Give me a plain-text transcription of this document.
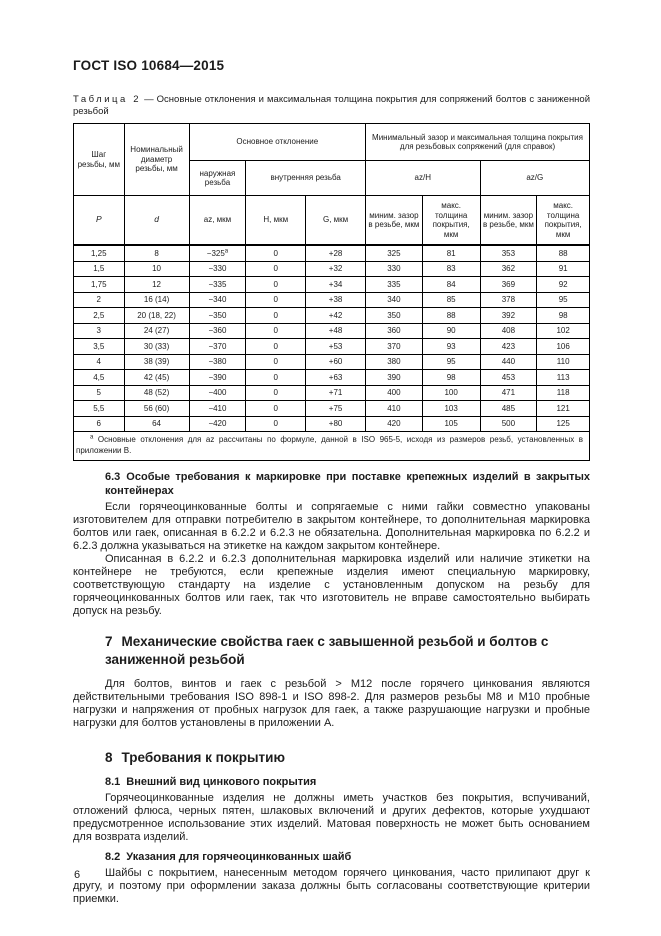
ГОСТ ISO 10684—2015
Таблица 2 — Основные отклонения и максимальная толщина покрытия для сопряжений болтов с заниженной резьбой
Шаг резьбы, мм	Номинальный диаметр резьбы, мм	Основное отклонение			Минимальный зазор и максимальная толщина покрытия для резьбовых сопряжений (для справок)			
		наружная резьба	внутренняя резьба		az/H		az/G	
P	d	az, мкм	H, мкм	G, мкм	миним. зазор в резьбе, мкм	макс. толщина покрытия, мкм	миним. зазор в резьбе, мкм	макс. толщина покрытия, мкм

$^a$ Основные отклонения для az рассчитаны по формуле, данной в ISO 965-5, исходя из размеров резьб, установленных в приложении B.								

1,25	8	$-325^a$	0	+28	325	81	353	88
1,5	10	−330	0	+32	330	83	362	91
1,75	12	−335	0	+34	335	84	369	92
2	16 (14)	−340	0	+38	340	85	378	95
2,5	20 (18, 22)	−350	0	+42	350	88	392	98
3	24 (27)	−360	0	+48	360	90	408	102
3,5	30 (33)	−370	0	+53	370	93	423	106
4	38 (39)	−380	0	+60	380	95	440	110
4,5	42 (45)	−390	0	+63	390	98	453	113
5	48 (52)	−400	0	+71	400	100	471	118
5,5	56 (60)	−410	0	+75	410	103	485	121
6	64	−420	0	+80	420	105	500	125
6.3 Особые требования к маркировке при поставке крепежных изделий в закрытых контейнерах

Если горячеоцинкованные болты и сопрягаемые с ними гайки совместно упакованы изготовителем для отправки потребителю в закрытом контейнере, то дополнительная маркировка болтов или гаек, описанная в 6.2.2 и 6.2.3 не обязательна. Дополнительная маркировка по 6.2.2 и 6.2.3 должна указываться на этикетке на каждом закрытом контейнере.

Описанная в 6.2.2 и 6.2.3 дополнительная маркировка изделий или наличие этикетки на контейнере не требуются, если крепежные изделия имеют специальную маркировку, соответствующую стандарту на изделие с установленным допуском на резьбу для горячеоцинкованных болтов или гаек, так что изготовитель не вправе самостоятельно выбирать допуск на резьбу.

7 Механические свойства гаек с завышенной резьбой и болтов с заниженной резьбой

Для болтов, винтов и гаек с резьбой > М12 после горячего цинкования являются действительными требования ISO 898-1 и ISO 898-2. Для размеров резьбы М8 и М10 пробные нагрузки и напряжения от пробных нагрузок для гаек, а также разрушающие нагрузки и пробные нагрузки для болтов установлены в приложении А.

8 Требования к покрытию
8.1 Внешний вид цинкового покрытия

Горячеоцинкованные изделия не должны иметь участков без покрытия, вспучиваний, отложений флюса, черных пятен, шлаковых включений и других дефектов, которые ухудшают предусмотренное использование этих изделий. Матовая поверхность не может быть основанием для возврата изделий.

8.2 Указания для горячеоцинкованных шайб

Шайбы с покрытием, нанесенным методом горячего цинкования, часто прилипают друг к другу, и поэтому при оформлении заказа должны быть согласованы соответствующие критерии приемки.

6
